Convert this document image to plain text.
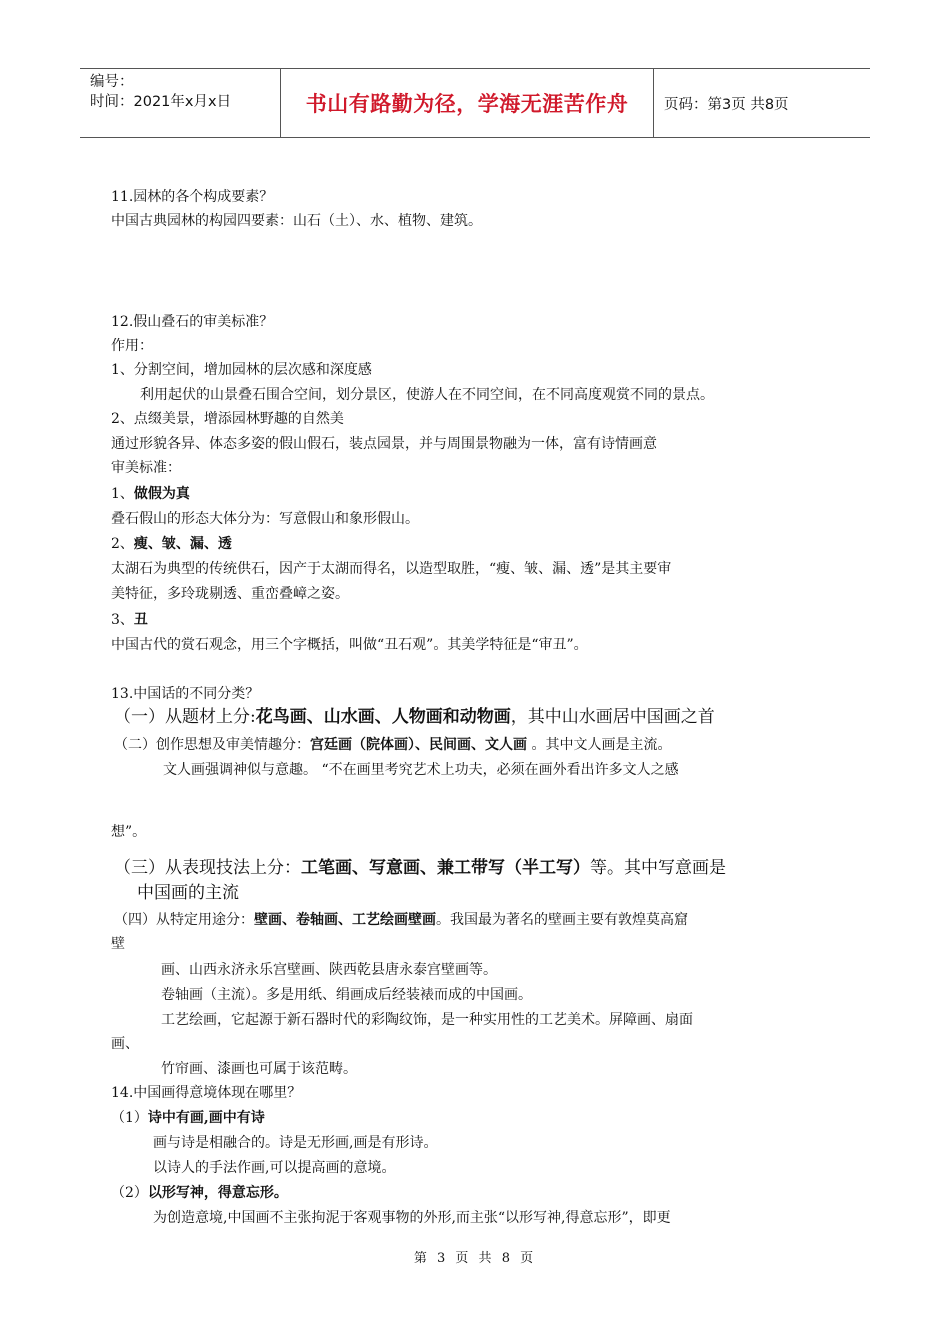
编号：
时间：2021年x月x日	书山有路勤为径，学海无涯苦作舟 页码：第3页 共8页
11.园林的各个构成要素？
中国古典园林的构园四要素：山石（土）、水、植物、建筑。
12.假山叠石的审美标准？
作用：
1、分割空间，增加园林的层次感和深度感
利用起伏的山景叠石围合空间，划分景区，使游人在不同空间，在不同高度观赏不同的景点。
2、点缀美景，增添园林野趣的自然美
通过形貌各异、体态多姿的假山假石，装点园景，并与周围景物融为一体，富有诗情画意
审美标准：
1、做假为真
叠石假山的形态大体分为：写意假山和象形假山。
2、瘦、皱、漏、透
太湖石为典型的传统供石，因产于太湖而得名，以造型取胜，“瘦、皱、漏、透”是其主要审
美特征，多玲珑剔透、重峦叠嶂之姿。
3、丑
中国古代的赏石观念，用三个字概括，叫做“丑石观”。其美学特征是“审丑”。
13.中国话的不同分类？
（一）从题材上分:花鸟画、山水画、人物画和动物画，其中山水画居中国画之首
（二）创作思想及审美情趣分：宫廷画（院体画）、民间画、文人画 。其中文人画是主流。
文人画强调神似与意趣。 “不在画里考究艺术上功夫，必须在画外看出许多文人之感
想”。
（三）从表现技法上分：工笔画、写意画、兼工带写（半工写）等。其中写意画是
中国画的主流
（四）从特定用途分：壁画、卷轴画、工艺绘画壁画。我国最为著名的壁画主要有敦煌莫高窟
壁
画、山西永济永乐宫壁画、陕西乾县唐永泰宫壁画等。
卷轴画（主流）。多是用纸、绢画成后经装裱而成的中国画。
工艺绘画，它起源于新石器时代的彩陶纹饰，是一种实用性的工艺美术。屏障画、扇面
画、
竹帘画、漆画也可属于该范畴。
14.中国画得意境体现在哪里？
（1）诗中有画,画中有诗
画与诗是相融合的。诗是无形画,画是有形诗。
以诗人的手法作画,可以提高画的意境。
（2）以形写神，得意忘形。
为创造意境,中国画不主张拘泥于客观事物的外形,而主张“以形写神,得意忘形”，即更
第 3 页 共 8 页
